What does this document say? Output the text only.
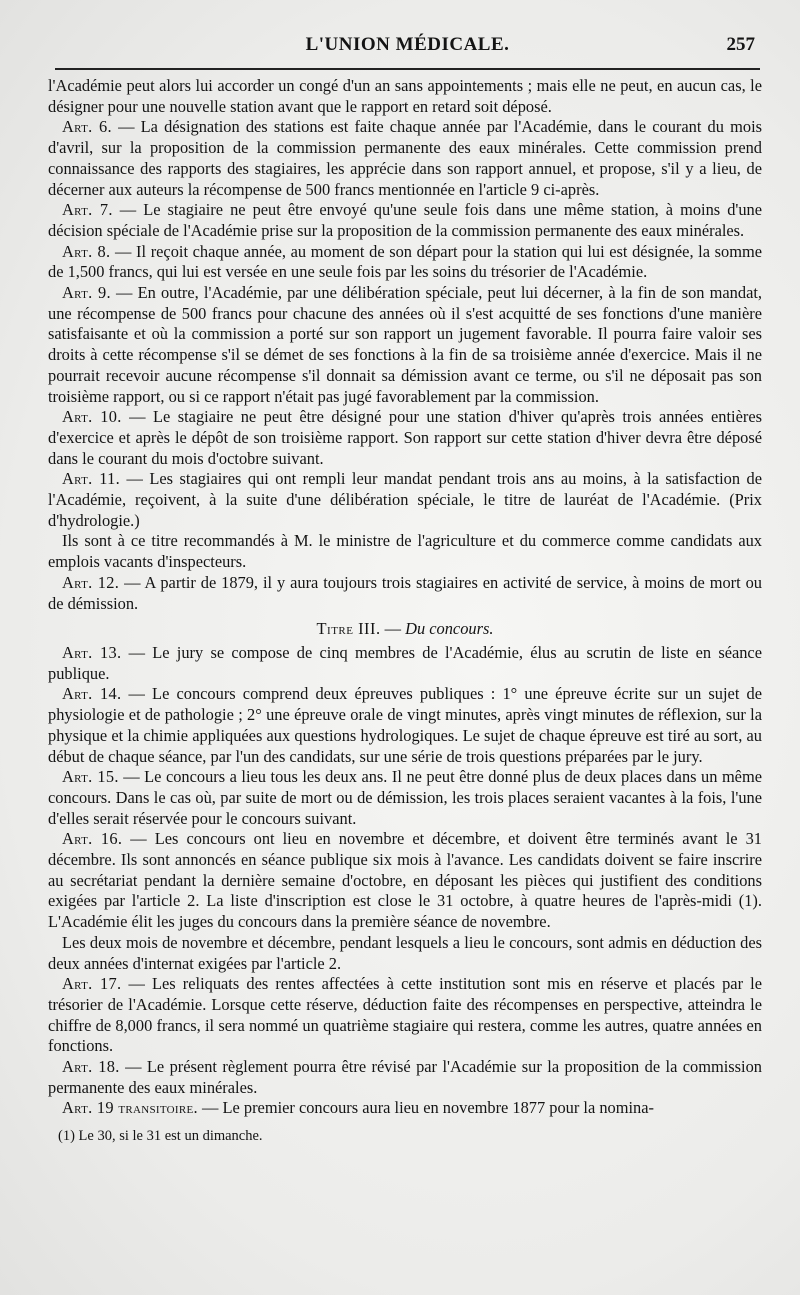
L'UNION MÉDICALE.	257

l'Académie peut alors lui accorder un congé d'un an sans appointements ; mais elle ne peut, en aucun cas, le désigner pour une nouvelle station avant que le rapport en retard soit déposé.

Art. 6. — La désignation des stations est faite chaque année par l'Académie, dans le courant du mois d'avril, sur la proposition de la commission permanente des eaux minérales. Cette commission prend connaissance des rapports des stagiaires, les apprécie dans son rapport annuel, et propose, s'il y a lieu, de décerner aux auteurs la récompense de 500 francs mentionnée en l'article 9 ci-après.

Art. 7. — Le stagiaire ne peut être envoyé qu'une seule fois dans une même station, à moins d'une décision spéciale de l'Académie prise sur la proposition de la commission permanente des eaux minérales.

Art. 8. — Il reçoit chaque année, au moment de son départ pour la station qui lui est désignée, la somme de 1,500 francs, qui lui est versée en une seule fois par les soins du trésorier de l'Académie.

Art. 9. — En outre, l'Académie, par une délibération spéciale, peut lui décerner, à la fin de son mandat, une récompense de 500 francs pour chacune des années où il s'est acquitté de ses fonctions d'une manière satisfaisante et où la commission a porté sur son rapport un jugement favorable. Il pourra faire valoir ses droits à cette récompense s'il se démet de ses fonctions à la fin de sa troisième année d'exercice. Mais il ne pourrait recevoir aucune récompense s'il donnait sa démission avant ce terme, ou s'il ne déposait pas son troisième rapport, ou si ce rapport n'était pas jugé favorablement par la commission.

Art. 10. — Le stagiaire ne peut être désigné pour une station d'hiver qu'après trois années entières d'exercice et après le dépôt de son troisième rapport. Son rapport sur cette station d'hiver devra être déposé dans le courant du mois d'octobre suivant.

Art. 11. — Les stagiaires qui ont rempli leur mandat pendant trois ans au moins, à la satisfaction de l'Académie, reçoivent, à la suite d'une délibération spéciale, le titre de lauréat de l'Académie. (Prix d'hydrologie.)

Ils sont à ce titre recommandés à M. le ministre de l'agriculture et du commerce comme candidats aux emplois vacants d'inspecteurs.

Art. 12. — A partir de 1879, il y aura toujours trois stagiaires en activité de service, à moins de mort ou de démission.

Titre III. — Du concours.

Art. 13. — Le jury se compose de cinq membres de l'Académie, élus au scrutin de liste en séance publique.

Art. 14. — Le concours comprend deux épreuves publiques : 1° une épreuve écrite sur un sujet de physiologie et de pathologie ; 2° une épreuve orale de vingt minutes, après vingt minutes de réflexion, sur la physique et la chimie appliquées aux questions hydrologiques. Le sujet de chaque épreuve est tiré au sort, au début de chaque séance, par l'un des candidats, sur une série de trois questions préparées par le jury.

Art. 15. — Le concours a lieu tous les deux ans. Il ne peut être donné plus de deux places dans un même concours. Dans le cas où, par suite de mort ou de démission, les trois places seraient vacantes à la fois, l'une d'elles serait réservée pour le concours suivant.

Art. 16. — Les concours ont lieu en novembre et décembre, et doivent être terminés avant le 31 décembre. Ils sont annoncés en séance publique six mois à l'avance. Les candidats doivent se faire inscrire au secrétariat pendant la dernière semaine d'octobre, en déposant les pièces qui justifient des conditions exigées par l'article 2. La liste d'inscription est close le 31 octobre, à quatre heures de l'après-midi (1). L'Académie élit les juges du concours dans la première séance de novembre.

Les deux mois de novembre et décembre, pendant lesquels a lieu le concours, sont admis en déduction des deux années d'internat exigées par l'article 2.

Art. 17. — Les reliquats des rentes affectées à cette institution sont mis en réserve et placés par le trésorier de l'Académie. Lorsque cette réserve, déduction faite des récompenses en perspective, atteindra le chiffre de 8,000 francs, il sera nommé un quatrième stagiaire qui restera, comme les autres, quatre années en fonctions.

Art. 18. — Le présent règlement pourra être révisé par l'Académie sur la proposition de la commission permanente des eaux minérales.

Art. 19 transitoire. — Le premier concours aura lieu en novembre 1877 pour la nomina-

(1) Le 30, si le 31 est un dimanche.
